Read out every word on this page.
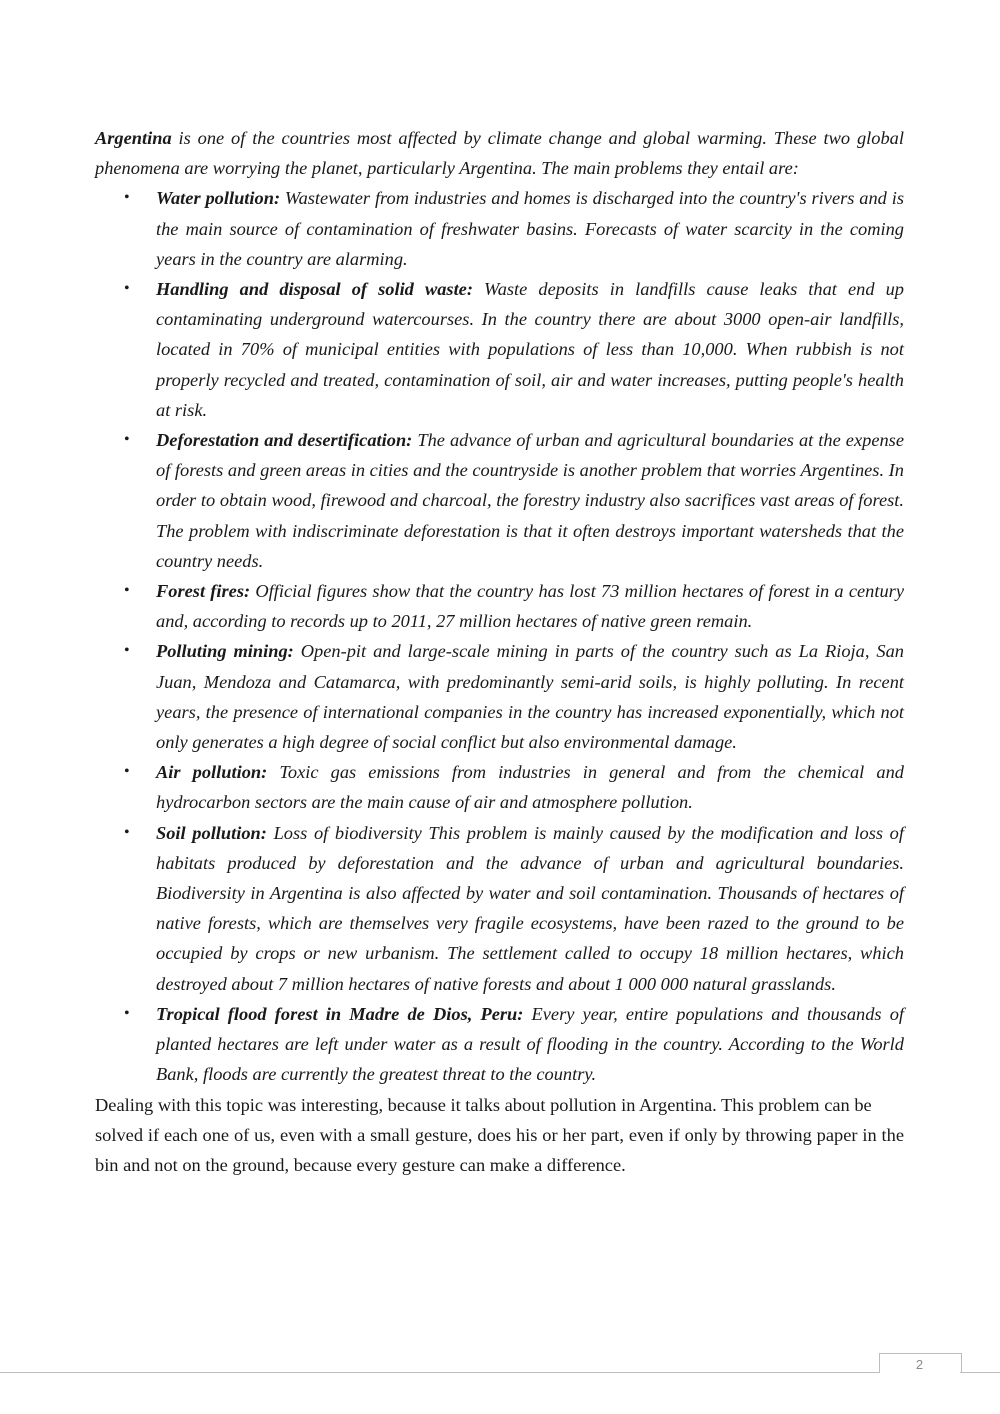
Argentina is one of the countries most affected by climate change and global warming. These two global phenomena are worrying the planet, particularly Argentina. The main problems they entail are:

• Water pollution: Wastewater from industries and homes is discharged into the country's rivers and is the main source of contamination of freshwater basins. Forecasts of water scarcity in the coming years in the country are alarming.
• Handling and disposal of solid waste: Waste deposits in landfills cause leaks that end up contaminating underground watercourses. In the country there are about 3000 open-air landfills, located in 70% of municipal entities with populations of less than 10,000. When rubbish is not properly recycled and treated, contamination of soil, air and water increases, putting people's health at risk.
• Deforestation and desertification: The advance of urban and agricultural boundaries at the expense of forests and green areas in cities and the countryside is another problem that worries Argentines. In order to obtain wood, firewood and charcoal, the forestry industry also sacrifices vast areas of forest. The problem with indiscriminate deforestation is that it often destroys important watersheds that the country needs.
• Forest fires: Official figures show that the country has lost 73 million hectares of forest in a century and, according to records up to 2011, 27 million hectares of native green remain.
• Polluting mining: Open-pit and large-scale mining in parts of the country such as La Rioja, San Juan, Mendoza and Catamarca, with predominantly semi-arid soils, is highly polluting. In recent years, the presence of international companies in the country has increased exponentially, which not only generates a high degree of social conflict but also environmental damage.
• Air pollution: Toxic gas emissions from industries in general and from the chemical and hydrocarbon sectors are the main cause of air and atmosphere pollution.
• Soil pollution: Loss of biodiversity This problem is mainly caused by the modification and loss of habitats produced by deforestation and the advance of urban and agricultural boundaries. Biodiversity in Argentina is also affected by water and soil contamination. Thousands of hectares of native forests, which are themselves very fragile ecosystems, have been razed to the ground to be occupied by crops or new urbanism. The settlement called to occupy 18 million hectares, which destroyed about 7 million hectares of native forests and about 1 000 000 natural grasslands.
• Tropical flood forest in Madre de Dios, Peru: Every year, entire populations and thousands of planted hectares are left under water as a result of flooding in the country. According to the World Bank, floods are currently the greatest threat to the country.

Dealing with this topic was interesting, because it talks about pollution in Argentina. This problem can be

solved if each one of us, even with a small gesture, does his or her part, even if only by throwing paper in the bin and not on the ground, because every gesture can make a difference.

2
